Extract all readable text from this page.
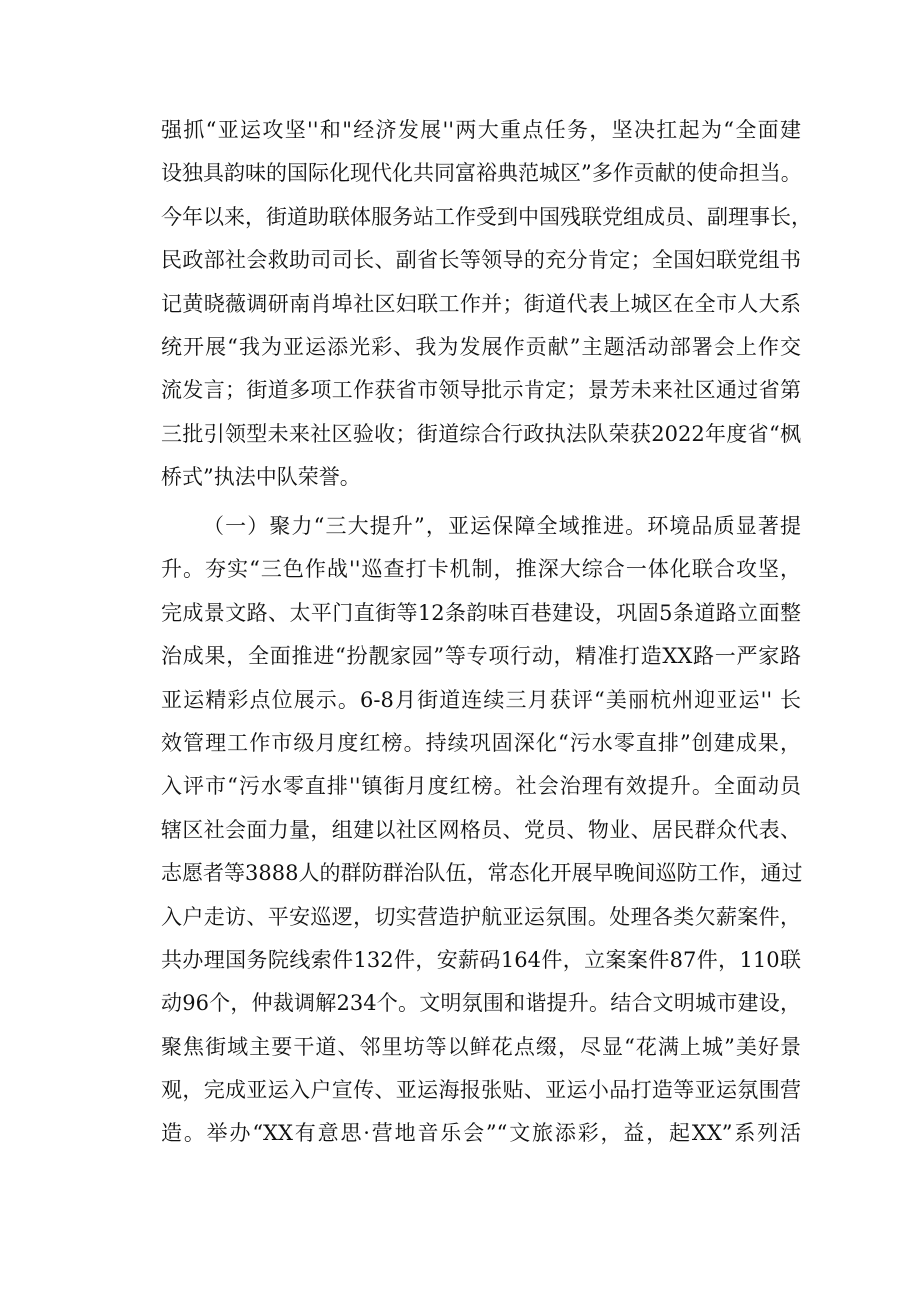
强抓“亚运攻坚''和"经济发展''两大重点任务，坚决扛起为“全面建
设独具韵味的国际化现代化共同富裕典范城区”多作贡献的使命担当。
今年以来，街道助联体服务站工作受到中国残联党组成员、副理事长，
民政部社会救助司司长、副省长等领导的充分肯定；全国妇联党组书
记黄晓薇调研南肖埠社区妇联工作并；街道代表上城区在全市人大系
统开展“我为亚运添光彩、我为发展作贡献”主题活动部署会上作交
流发言；街道多项工作获省市领导批示肯定；景芳未来社区通过省第
三批引领型未来社区验收；街道综合行政执法队荣获2022年度省“枫
桥式”执法中队荣誉。
（一）聚力“三大提升”，亚运保障全域推进。环境品质显著提
升。夯实“三色作战''巡查打卡机制，推深大综合一体化联合攻坚，
完成景文路、太平门直街等12条韵味百巷建设，巩固5条道路立面整
治成果，全面推进“扮靓家园”等专项行动，精准打造XX路一严家路
亚运精彩点位展示。6-8月街道连续三月获评“美丽杭州迎亚运'' 长
效管理工作市级月度红榜。持续巩固深化“污水零直排”创建成果，
入评市“污水零直排''镇街月度红榜。社会治理有效提升。全面动员
辖区社会面力量，组建以社区网格员、党员、物业、居民群众代表、
志愿者等3888人的群防群治队伍，常态化开展早晚间巡防工作，通过
入户走访、平安巡逻，切实营造护航亚运氛围。处理各类欠薪案件，
共办理国务院线索件132件，安薪码164件，立案案件87件，110联
动96个，仲裁调解234个。文明氛围和谐提升。结合文明城市建设，
聚焦街域主要干道、邻里坊等以鲜花点缀，尽显“花满上城”美好景
观，完成亚运入户宣传、亚运海报张贴、亚运小品打造等亚运氛围营
造。举办“XX有意思·营地音乐会”“文旅添彩，益，起XX”系列活
